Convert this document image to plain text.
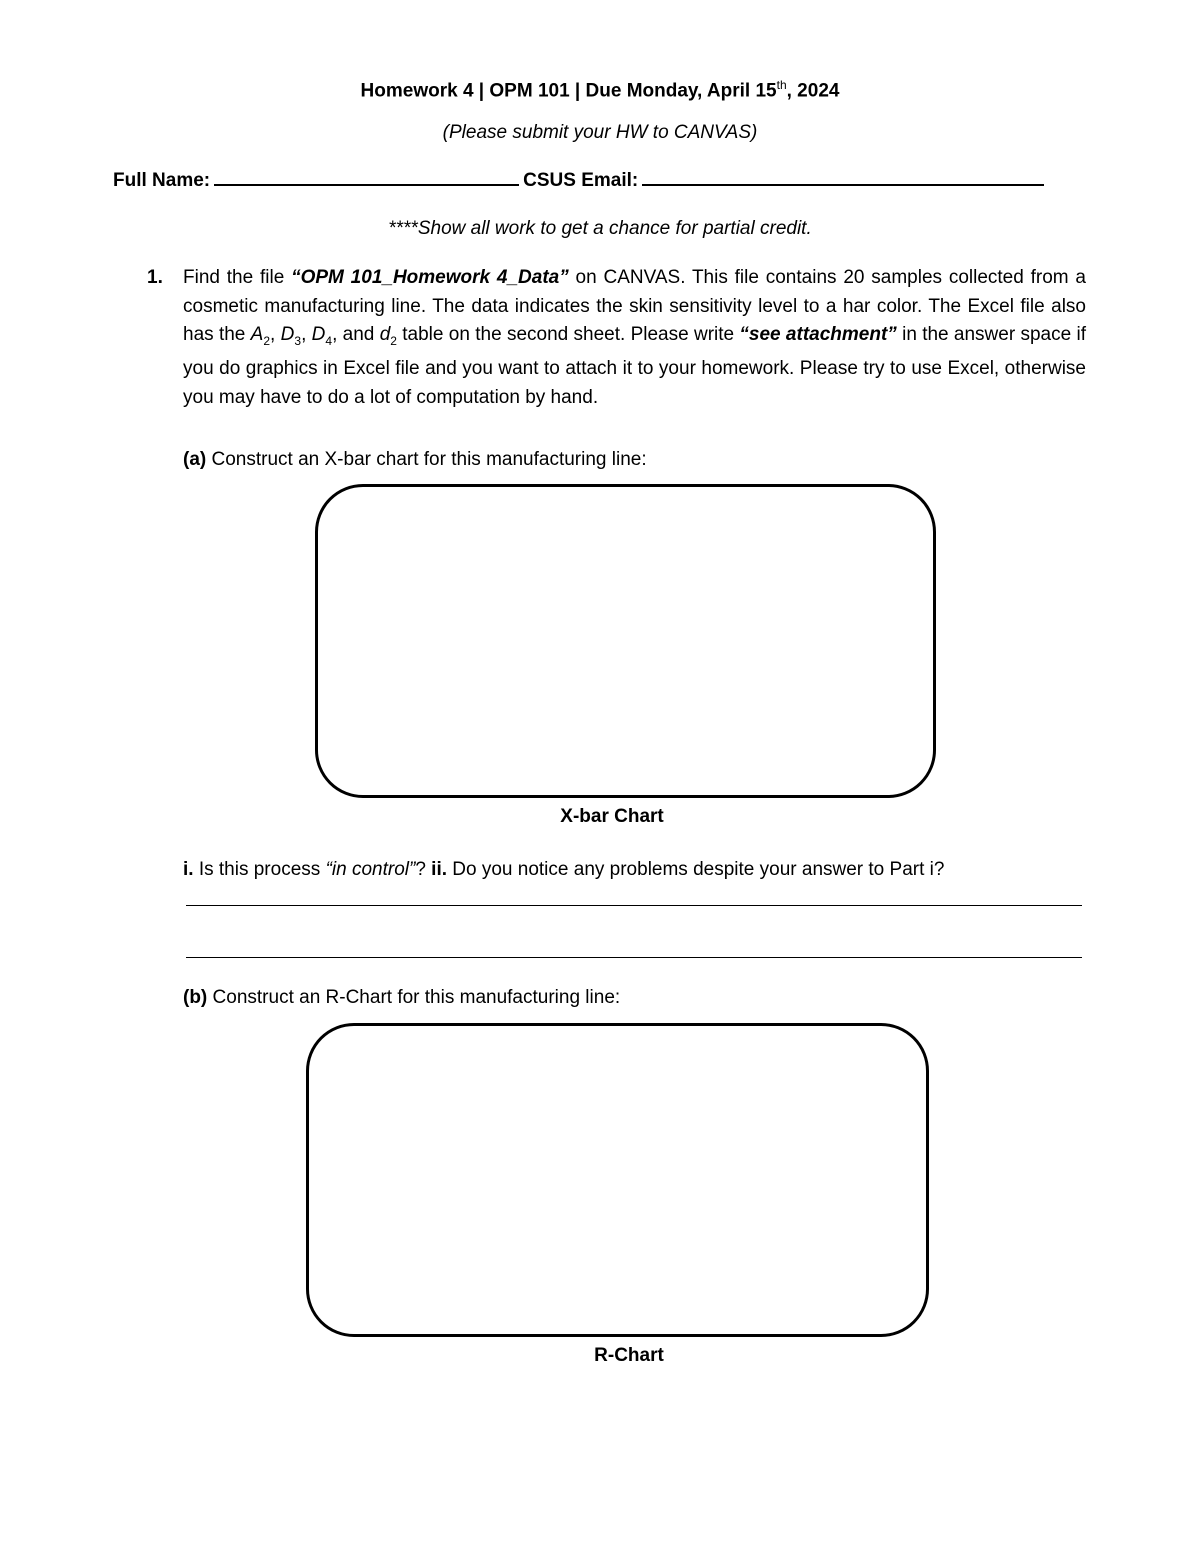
Homework 4 | OPM 101 | Due Monday, April 15th, 2024
(Please submit your HW to CANVAS)
Full Name:	CSUS Email:
****Show all work to get a chance for partial credit.
1. Find the file “OPM 101_Homework 4_Data” on CANVAS. This file contains 20 samples collected from a cosmetic manufacturing line. The data indicates the skin sensitivity level to a har color. The Excel file also has the $A_2$, $D_3$, $D_4$, and $d_2$ table on the second sheet. Please write “see attachment” in the answer space if you do graphics in Excel file and you want to attach it to your homework. Please try to use Excel, otherwise you may have to do a lot of computation by hand.
(a) Construct an X-bar chart for this manufacturing line:
X-bar Chart
i. Is this process “in control”? ii. Do you notice any problems despite your answer to Part i?
(b) Construct an R-Chart for this manufacturing line:
R-Chart
